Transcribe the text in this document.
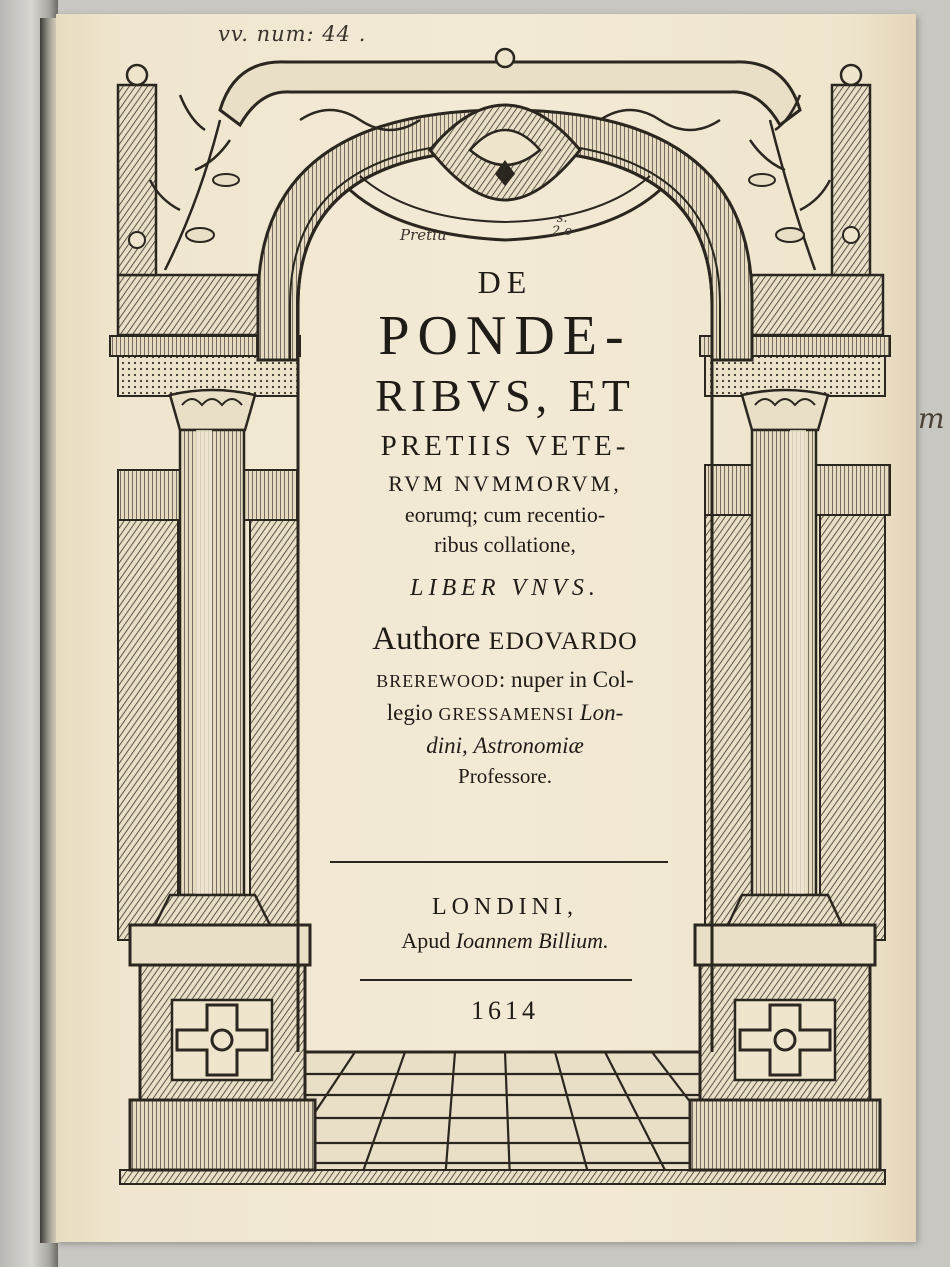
vv. num: 44 .
Pretiu
s.
2 o
m
DE
PONDE-
RIBVS, ET
PRETIIS VETE-
RVM NVMMORVM,
eorumq; cum recentio-
ribus collatione,
LIBER VNVS.
Authore EDOVARDO
BREREWOOD: nuper in Col-
legio GRESSAMENSI Lon-
dini, Astronomiæ
Professore.
LONDINI,
Apud Ioannem Billium.
1614
